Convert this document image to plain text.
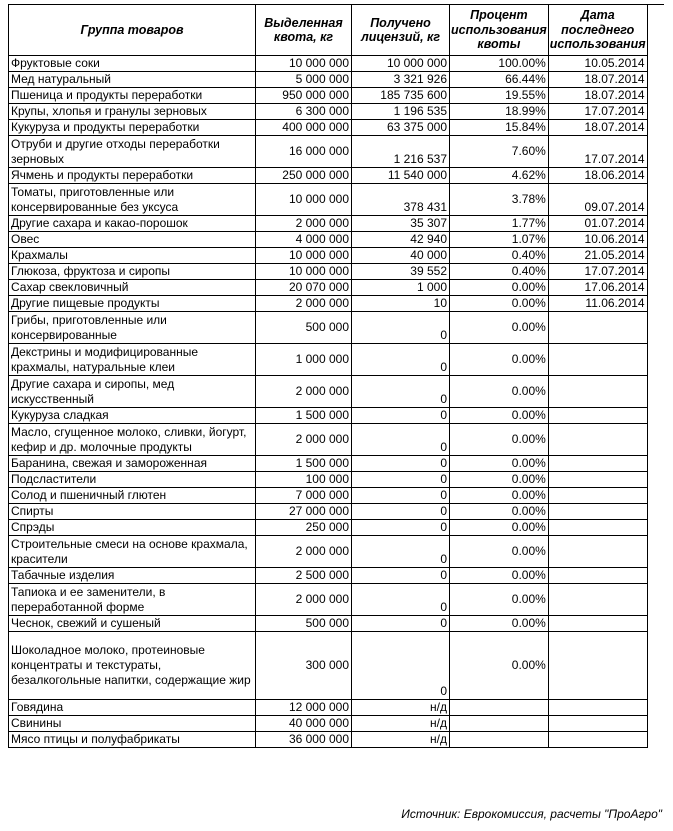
Группа товаров	Выделенная квота, кг	Получено лицензий, кг	Процент использования квоты	Дата последнего использования
Фруктовые соки	10 000 000	10 000 000	100.00%	10.05.2014
Мед натуральный	5 000 000	3 321 926	66.44%	18.07.2014
Пшеница и продукты переработки	950 000 000	185 735 600	19.55%	18.07.2014
Крупы, хлопья и гранулы зерновых	6 300 000	1 196 535	18.99%	17.07.2014
Кукуруза и продукты переработки	400 000 000	63 375 000	15.84%	18.07.2014
Отруби и другие отходы переработки зерновых	16 000 000	1 216 537	7.60%	17.07.2014
Ячмень и продукты переработки	250 000 000	11 540 000	4.62%	18.06.2014
Томаты, приготовленные или консервированные без уксуса	10 000 000	378 431	3.78%	09.07.2014
Другие сахара и какао-порошок	2 000 000	35 307	1.77%	01.07.2014
Овес	4 000 000	42 940	1.07%	10.06.2014
Крахмалы	10 000 000	40 000	0.40%	21.05.2014
Глюкоза, фруктоза и сиропы	10 000 000	39 552	0.40%	17.07.2014
Сахар свекловичный	20 070 000	1 000	0.00%	17.06.2014
Другие пищевые продукты	2 000 000	10	0.00%	11.06.2014
Грибы, приготовленные или консервированные	500 000	0	0.00%	
Декстрины и модифицированные крахмалы, натуральные клеи	1 000 000	0	0.00%	
Другие сахара и сиропы, мед искусственный	2 000 000	0	0.00%	
Кукуруза сладкая	1 500 000	0	0.00%	
Масло, сгущенное молоко, сливки, йогурт, кефир и др. молочные продукты	2 000 000	0	0.00%	
Баранина, свежая и замороженная	1 500 000	0	0.00%	
Подсластители	100 000	0	0.00%	
Солод и пшеничный глютен	7 000 000	0	0.00%	
Спирты	27 000 000	0	0.00%	
Спрэды	250 000	0	0.00%	
Строительные смеси на основе крахмала, красители	2 000 000	0	0.00%	
Табачные изделия	2 500 000	0	0.00%	
Тапиока и ее заменители, в переработанной форме	2 000 000	0	0.00%	
Чеснок, свежий и сушеный	500 000	0	0.00%	
Шоколадное молоко, протеиновые концентраты и текстураты, безалкогольные напитки, содержащие жир	300 000	0	0.00%	
Говядина	12 000 000	н/д		
Свинины	40 000 000	н/д		
Мясо птицы и полуфабрикаты	36 000 000	н/д		
Источник: Еврокомиссия, расчеты "ПроАгро"
